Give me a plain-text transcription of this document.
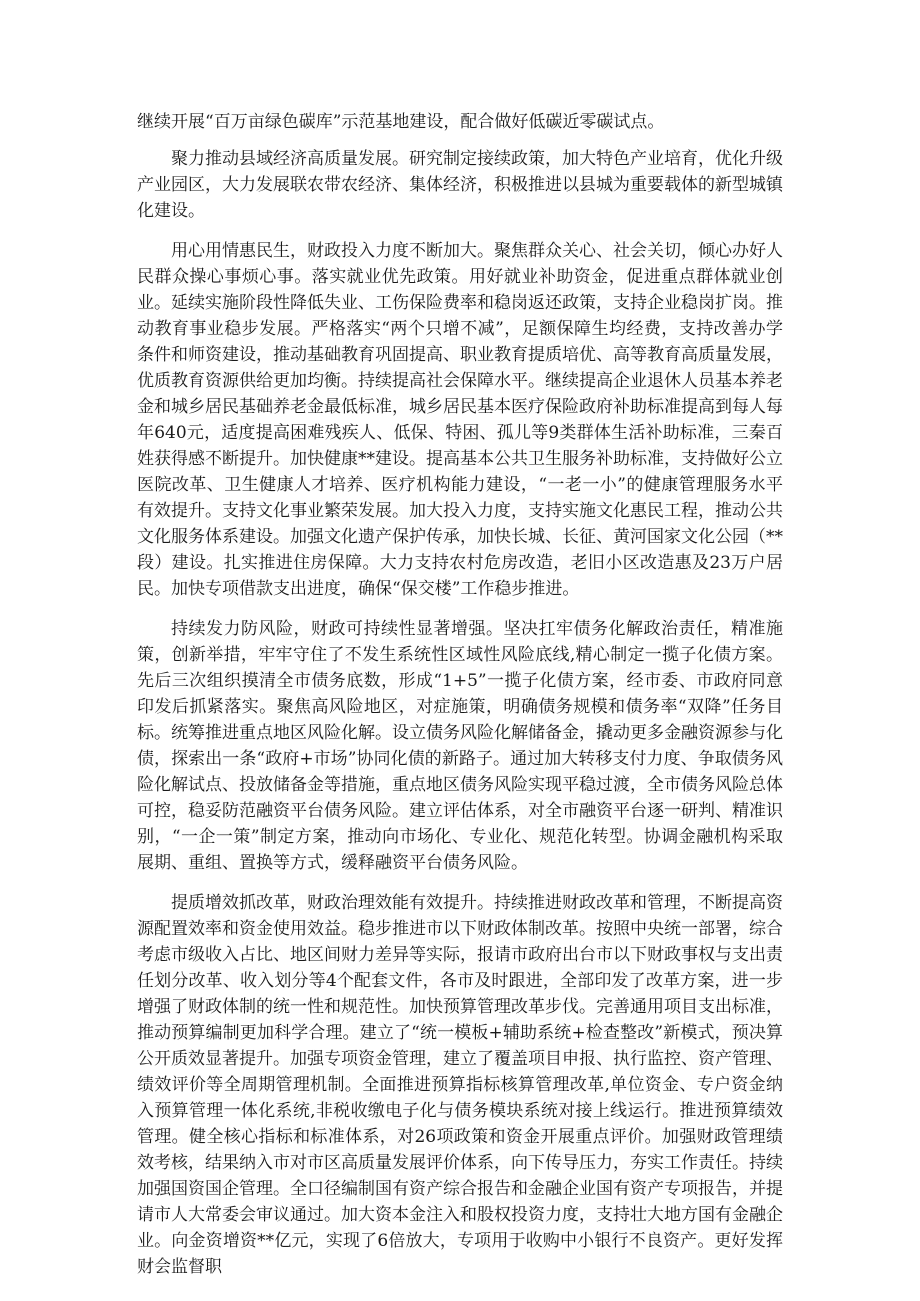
继续开展“百万亩绿色碳库”示范基地建设，配合做好低碳近零碳试点。

聚力推动县域经济高质量发展。研究制定接续政策，加大特色产业培育，优化升级产业园区，大力发展联农带农经济、集体经济，积极推进以县城为重要载体的新型城镇化建设。

用心用情惠民生，财政投入力度不断加大。聚焦群众关心、社会关切，倾心办好人民群众操心事烦心事。落实就业优先政策。用好就业补助资金，促进重点群体就业创业。延续实施阶段性降低失业、工伤保险费率和稳岗返还政策，支持企业稳岗扩岗。推动教育事业稳步发展。严格落实“两个只增不减”，足额保障生均经费，支持改善办学条件和师资建设，推动基础教育巩固提高、职业教育提质培优、高等教育高质量发展，优质教育资源供给更加均衡。持续提高社会保障水平。继续提高企业退休人员基本养老金和城乡居民基础养老金最低标准，城乡居民基本医疗保险政府补助标准提高到每人每年640元，适度提高困难残疾人、低保、特困、孤儿等9类群体生活补助标准，三秦百姓获得感不断提升。加快健康**建设。提高基本公共卫生服务补助标准，支持做好公立医院改革、卫生健康人才培养、医疗机构能力建设，“一老一小”的健康管理服务水平有效提升。支持文化事业繁荣发展。加大投入力度，支持实施文化惠民工程，推动公共文化服务体系建设。加强文化遗产保护传承，加快长城、长征、黄河国家文化公园（**段）建设。扎实推进住房保障。大力支持农村危房改造，老旧小区改造惠及23万户居民。加快专项借款支出进度，确保“保交楼”工作稳步推进。

持续发力防风险，财政可持续性显著增强。坚决扛牢债务化解政治责任，精准施策，创新举措，牢牢守住了不发生系统性区域性风险底线,精心制定一揽子化债方案。先后三次组织摸清全市债务底数，形成“1+5”一揽子化债方案，经市委、市政府同意印发后抓紧落实。聚焦高风险地区，对症施策，明确债务规模和债务率“双降”任务目标。统筹推进重点地区风险化解。设立债务风险化解储备金，撬动更多金融资源参与化债，探索出一条“政府+市场”协同化债的新路子。通过加大转移支付力度、争取债务风险化解试点、投放储备金等措施，重点地区债务风险实现平稳过渡，全市债务风险总体可控，稳妥防范融资平台债务风险。建立评估体系，对全市融资平台逐一研判、精准识别，“一企一策”制定方案，推动向市场化、专业化、规范化转型。协调金融机构采取展期、重组、置换等方式，缓释融资平台债务风险。

提质增效抓改革，财政治理效能有效提升。持续推进财政改革和管理，不断提高资源配置效率和资金使用效益。稳步推进市以下财政体制改革。按照中央统一部署，综合考虑市级收入占比、地区间财力差异等实际，报请市政府出台市以下财政事权与支出责任划分改革、收入划分等4个配套文件，各市及时跟进，全部印发了改革方案，进一步增强了财政体制的统一性和规范性。加快预算管理改革步伐。完善通用项目支出标准，推动预算编制更加科学合理。建立了“统一模板+辅助系统+检查整改”新模式，预决算公开质效显著提升。加强专项资金管理，建立了覆盖项目申报、执行监控、资产管理、绩效评价等全周期管理机制。全面推进预算指标核算管理改革,单位资金、专户资金纳入预算管理一体化系统,非税收缴电子化与债务模块系统对接上线运行。推进预算绩效管理。健全核心指标和标准体系，对26项政策和资金开展重点评价。加强财政管理绩效考核，结果纳入市对市区高质量发展评价体系，向下传导压力，夯实工作责任。持续加强国资国企管理。全口径编制国有资产综合报告和金融企业国有资产专项报告，并提请市人大常委会审议通过。加大资本金注入和股权投资力度，支持壮大地方国有金融企业。向金资增资**亿元，实现了6倍放大，专项用于收购中小银行不良资产。更好发挥财会监督职
